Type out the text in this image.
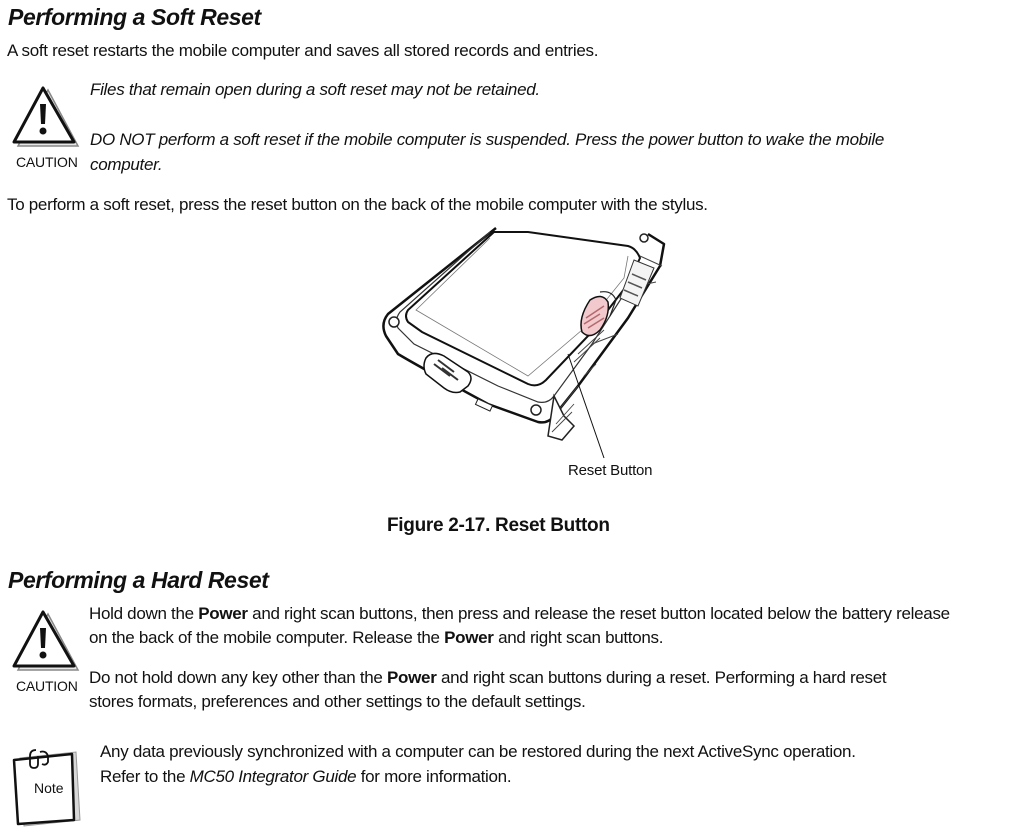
Performing a Soft Reset
A soft reset restarts the mobile computer and saves all stored records and entries.
CAUTION
Files that remain open during a soft reset may not be retained.
DO NOT perform a soft reset if the mobile computer is suspended. Press the power button to wake the mobile
computer.
To perform a soft reset, press the reset button on the back of the mobile computer with the stylus.
Reset Button
Figure 2-17. Reset Button
Performing a Hard Reset
CAUTION
Hold down the Power and right scan buttons, then press and release the reset button located below the battery release
on the back of the mobile computer. Release the Power and right scan buttons.
Do not hold down any key other than the Power and right scan buttons during a reset. Performing a hard reset
stores formats, preferences and other settings to the default settings.
Note
Any data previously synchronized with a computer can be restored during the next ActiveSync operation.
Refer to the MC50 Integrator Guide for more information.
